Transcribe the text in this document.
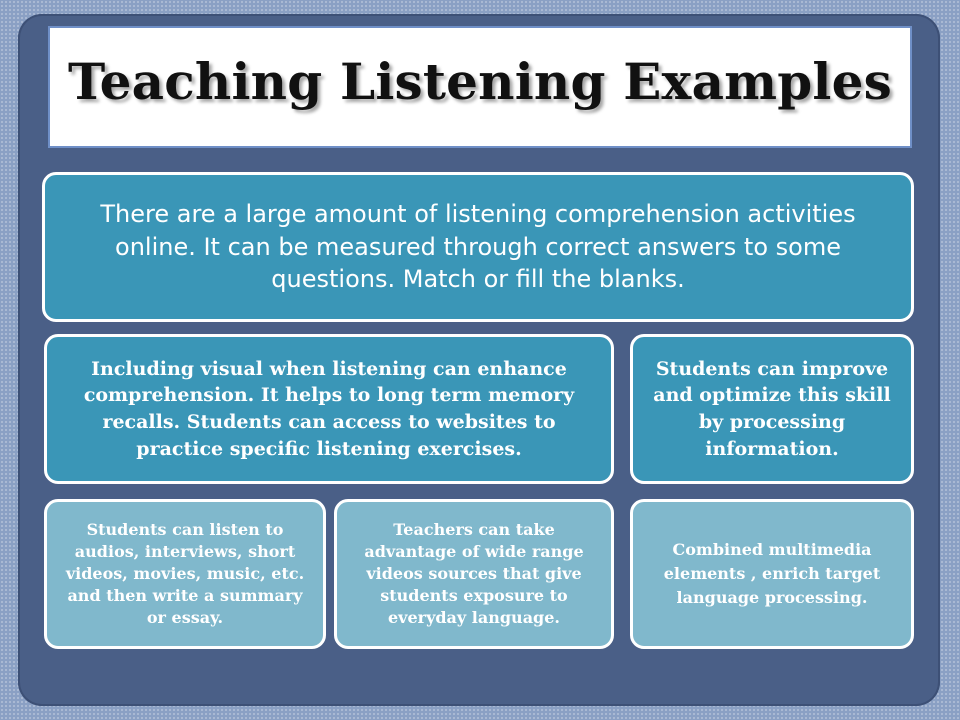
Teaching Listening Examples
There are a large amount of listening comprehension activities online. It can be measured through correct answers to some questions. Match or fill the blanks.
Including visual when listening can enhance comprehension. It helps to long term memory recalls. Students can access to websites to practice specific listening exercises.
Students can improve and optimize this skill by processing information.
Students can listen to audios, interviews, short videos, movies, music, etc. and then write a summary or essay.
Teachers can take advantage of wide range videos sources that give students exposure to everyday language.
Combined multimedia elements , enrich target language processing.
